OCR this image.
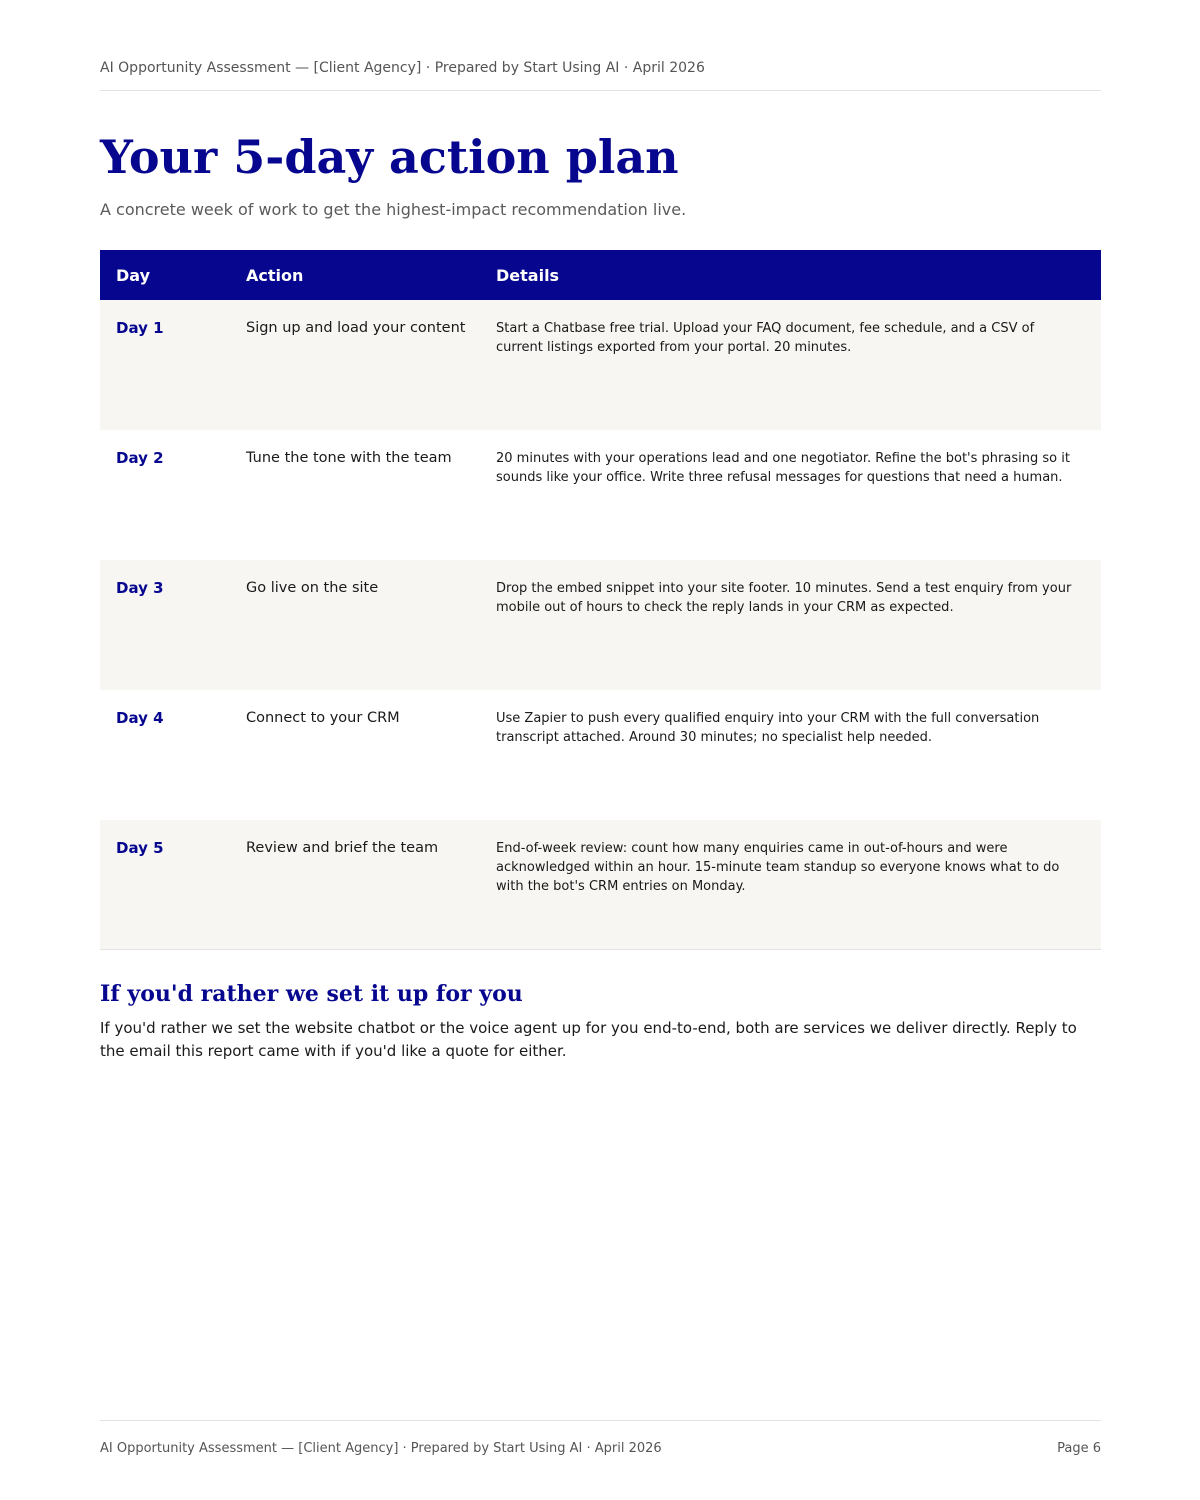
AI Opportunity Assessment — [Client Agency] · Prepared by Start Using AI · April 2026
Your 5-day action plan

A concrete week of work to get the highest-impact recommendation live.

Day	Action	Details
Day 1	Sign up and load your content	Start a Chatbase free trial. Upload your FAQ document, fee schedule, and a CSV of current listings exported from your portal. 20 minutes.
Day 2	Tune the tone with the team	20 minutes with your operations lead and one negotiator. Refine the bot's phrasing so it sounds like your office. Write three refusal messages for questions that need a human.
Day 3	Go live on the site	Drop the embed snippet into your site footer. 10 minutes. Send a test enquiry from your mobile out of hours to check the reply lands in your CRM as expected.
Day 4	Connect to your CRM	Use Zapier to push every qualified enquiry into your CRM with the full conversation transcript attached. Around 30 minutes; no specialist help needed.
Day 5	Review and brief the team	End-of-week review: count how many enquiries came in out-of-hours and were acknowledged within an hour. 15-minute team standup so everyone knows what to do with the bot's CRM entries on Monday.
If you'd rather we set it up for you

If you'd rather we set the website chatbot or the voice agent up for you end-to-end, both are services we deliver directly. Reply to the email this report came with if you'd like a quote for either.

AI Opportunity Assessment — [Client Agency] · Prepared by Start Using AI · April 2026	Page 6
